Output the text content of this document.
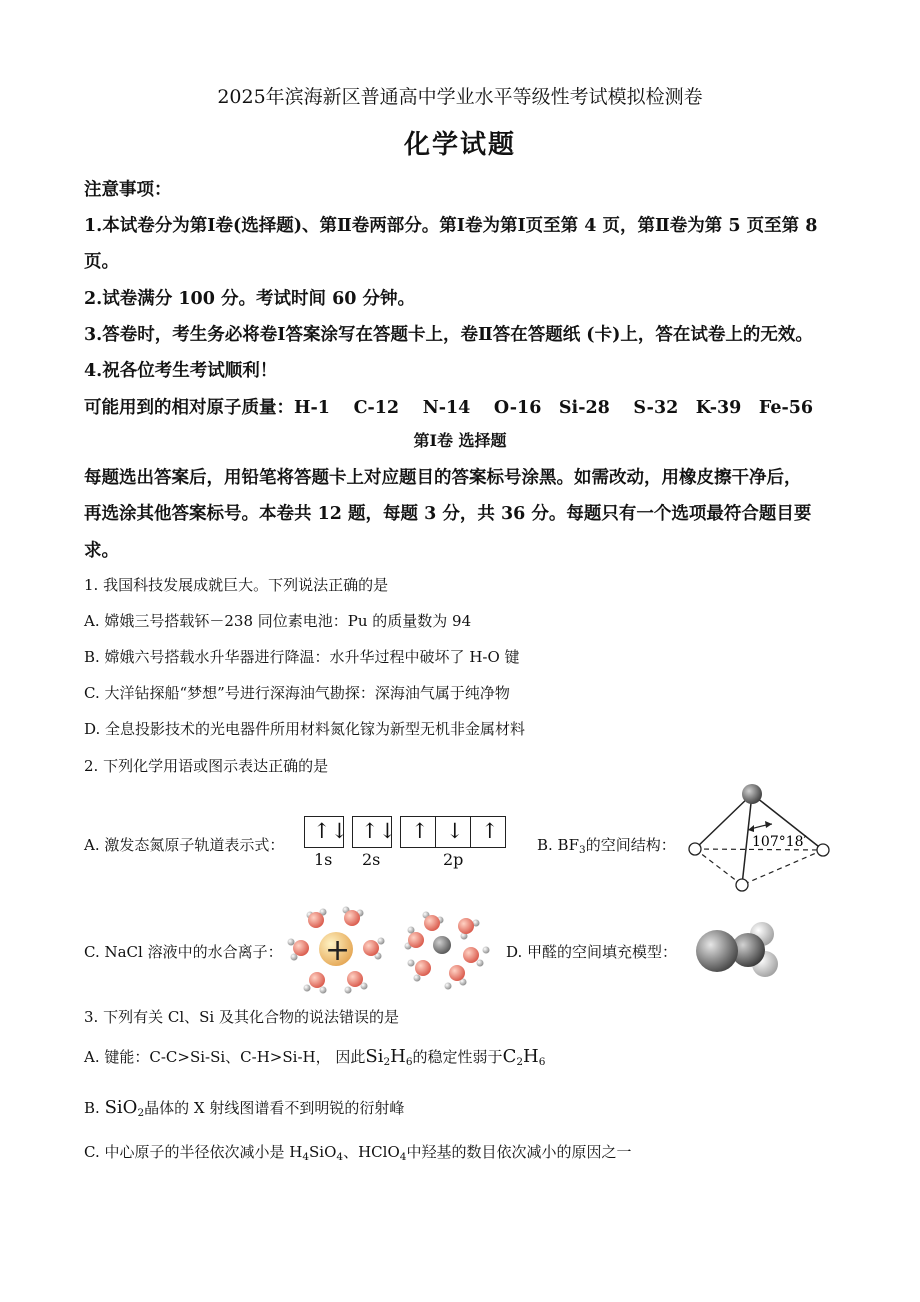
2025年滨海新区普通高中学业水平等级性考试模拟检测卷
化学试题
注意事项：
1.本试卷分为第Ⅰ卷(选择题)、第Ⅱ卷两部分。第Ⅰ卷为第Ⅰ页至第 4 页，第Ⅱ卷为第 5 页至第 8
页。
2.试卷满分 100 分。考试时间 60 分钟。
3.答卷时，考生务必将卷Ⅰ答案涂写在答题卡上，卷Ⅱ答在答题纸 (卡)上，答在试卷上的无效。
4.祝各位考生考试顺利！
可能用到的相对原子质量：H-1　 C-12　 N-14　 O-16　Si-28　 S-32　K-39　Fe-56
第Ⅰ卷 选择题
每题选出答案后，用铅笔将答题卡上对应题目的答案标号涂黑。如需改动，用橡皮擦干净后，
再选涂其他答案标号。本卷共 12 题，每题 3 分，共 36 分。每题只有一个选项最符合题目要
求。
1. 我国科技发展成就巨大。下列说法正确的是
A. 嫦娥三号搭载钚－238 同位素电池：Pu 的质量数为 94
B. 嫦娥六号搭载水升华器进行降温：水升华过程中破坏了 H-O 键
C. 大洋钻探船“梦想”号进行深海油气勘探：深海油气属于纯净物
D. 全息投影技术的光电器件所用材料氮化镓为新型无机非金属材料
2. 下列化学用语或图示表达正确的是
A. 激发态氮原子轨道表示式：
↑↓ ↑↓ ↑ ↓ ↑
1s 2s	2p
B. $BF_3$的空间结构：	107°18′
C. NaCl 溶液中的水合离子： +	D. 甲醛的空间填充模型：
3. 下列有关 Cl、Si 及其化合物的说法错误的是
A. 键能：C-C>Si-Si、C-H>Si-H， 因此$Si_2H_6$的稳定性弱于$C_2H_6$
B. SiO$_2$晶体的 X 射线图谱看不到明锐的衍射峰
C. 中心原子的半径依次减小是 $H_4SiO_4$、HClO$_4$中羟基的数目依次减小的原因之一
